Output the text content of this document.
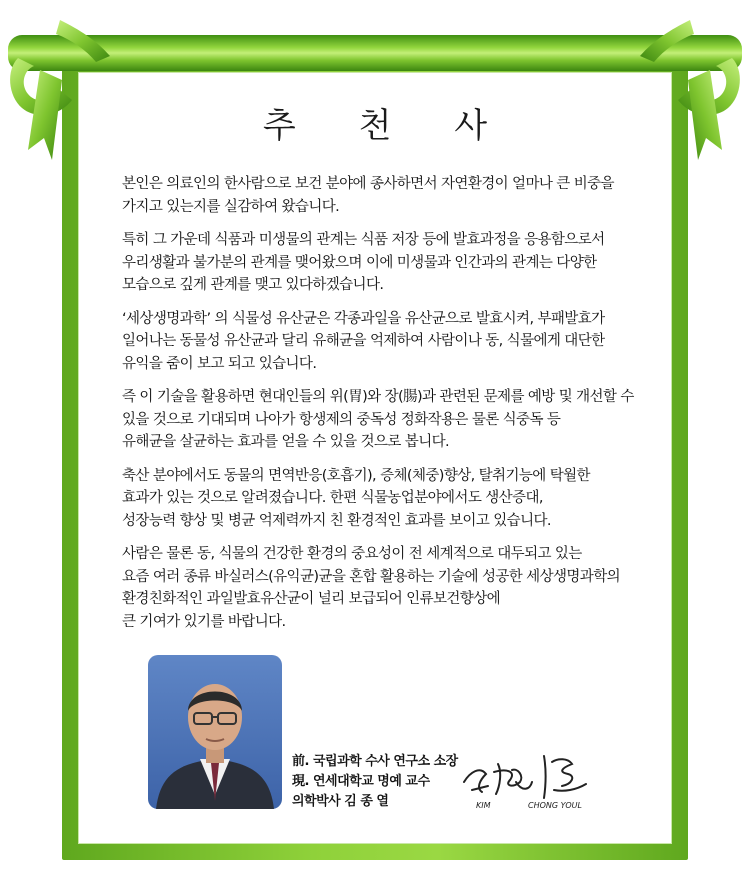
추 천 사

본인은 의료인의 한사람으로 보건 분야에 종사하면서 자연환경이 얼마나 큰 비중을
가지고 있는지를 실감하여 왔습니다.

특히 그 가운데 식품과 미생물의 관계는 식품 저장 등에 발효과정을 응용함으로서
우리생활과 불가분의 관계를 맺어왔으며 이에 미생물과 인간과의 관계는 다양한
모습으로 깊게 관계를 맺고 있다하겠습니다.

‘세상생명과학’ 의 식물성 유산균은 각종과일을 유산균으로 발효시켜, 부패발효가
일어나는 동물성 유산균과 달리 유해균을 억제하여 사람이나 동, 식물에게 대단한
유익을 줌이 보고 되고 있습니다.

즉 이 기술을 활용하면 현대인들의 위(胃)와 장(腸)과 관련된 문제를 예방 및 개선할 수
있을 것으로 기대되며 나아가 항생제의 중독성 정화작용은 물론 식중독 등
유해균을 살균하는 효과를 얻을 수 있을 것으로 봅니다.

축산 분야에서도 동물의 면역반응(호흡기), 증체(체중)향상, 탈취기능에 탁월한
효과가 있는 것으로 알려졌습니다. 한편 식물농업분야에서도 생산증대,
성장능력 향상 및 병균 억제력까지 친 환경적인 효과를 보이고 있습니다.

사람은 물론 동, 식물의 건강한 환경의 중요성이 전 세계적으로 대두되고 있는
요즘 여러 종류 바실러스(유익균)균을 혼합 활용하는 기술에 성공한 세상생명과학의
환경친화적인 과일발효유산균이 널리 보급되어 인류보건향상에
큰 기여가 있기를 바랍니다.

前. 국립과학 수사 연구소 소장
現. 연세대학교 명예 교수
의학박사 김 종 열	KIM	CHONG YOUL
